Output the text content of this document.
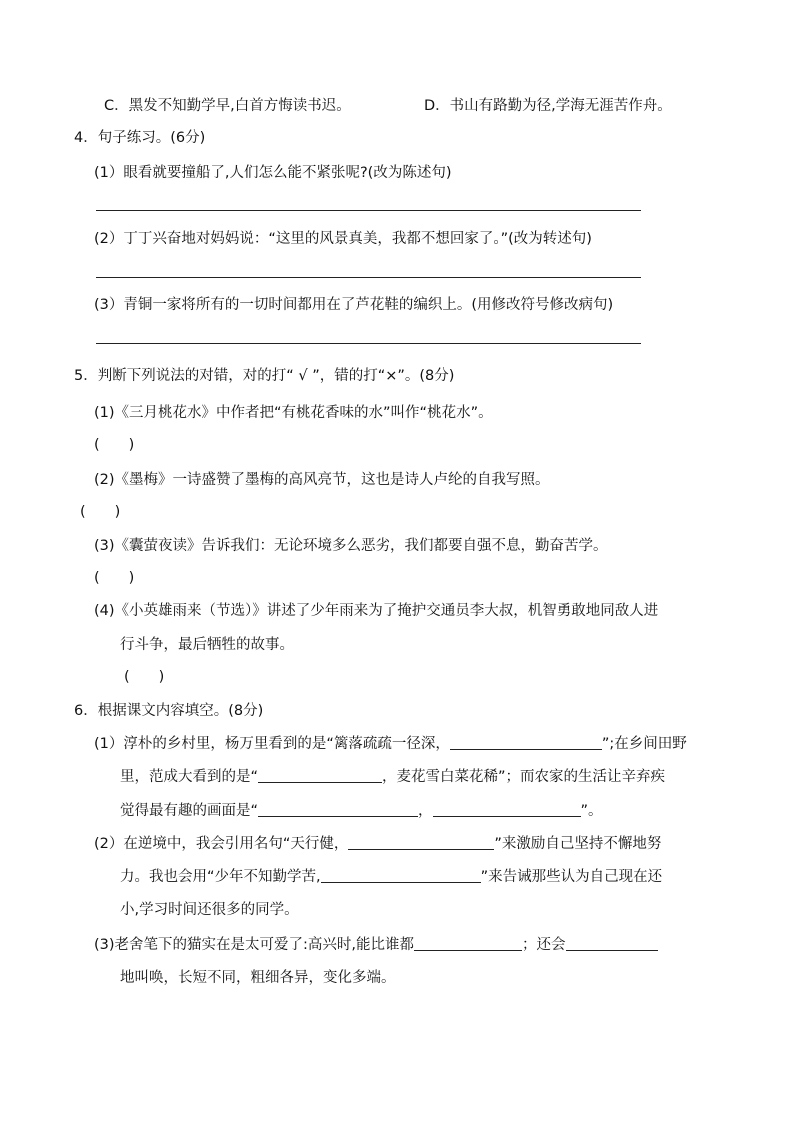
C．黑发不知勤学早,白首方悔读书迟。	D．书山有路勤为径,学海无涯苦作舟。
4．句子练习。(6分)
(1）眼看就要撞船了,人们怎么能不紧张呢?(改为陈述句)
(2）丁丁兴奋地对妈妈说：“这里的风景真美，我都不想回家了。”(改为转述句)
(3）青铜一家将所有的一切时间都用在了芦花鞋的编织上。(用修改符号修改病句)
5．判断下列说法的对错，对的打“ √ ”，错的打“×”。(8分)
(1)《三月桃花水》中作者把“有桃花香味的水”叫作“桃花水”。
(　　)
(2)《墨梅》一诗盛赞了墨梅的高风亮节，这也是诗人卢纶的自我写照。
(　　)
(3)《囊萤夜读》告诉我们：无论环境多么恶劣，我们都要自强不息，勤奋苦学。
(　　)
(4)《小英雄雨来（节选）》讲述了少年雨来为了掩护交通员李大叔，机智勇敢地同敌人进
行斗争，最后牺牲的故事。
(　　)
6．根据课文内容填空。(8分)
(1）淳朴的乡村里，杨万里看到的是“篱落疏疏一径深，	”;在乡间田野
里，范成大看到的是“	，麦花雪白菜花稀”；而农家的生活让辛弃疾
觉得最有趣的画面是“	，	”。
(2）在逆境中，我会引用名句“天行健，	”来激励自己坚持不懈地努
力。我也会用“少年不知勤学苦,	”来告诫那些认为自己现在还
小,学习时间还很多的同学。
(3)老舍笔下的猫实在是太可爱了:高兴时,能比谁都	；还会
地叫唤，长短不同，粗细各异，变化多端。
